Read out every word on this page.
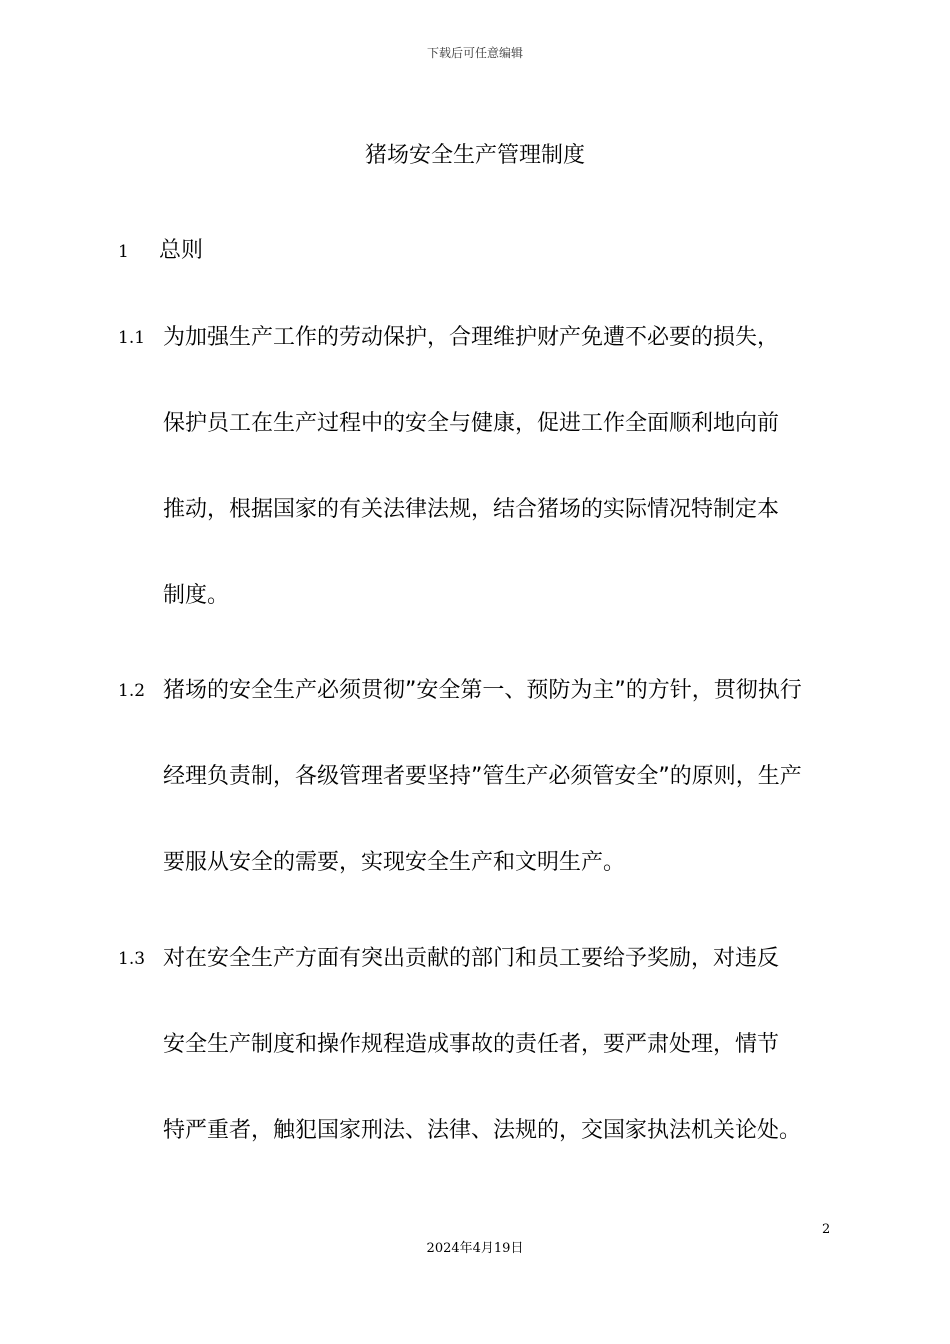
下载后可任意编辑
猪场安全生产管理制度
1 总则
1.1 为加强生产工作的劳动保护，合理维护财产免遭不必要的损失，
保护员工在生产过程中的安全与健康，促进工作全面顺利地向前
推动，根据国家的有关法律法规，结合猪场的实际情况特制定本
制度。
1.2 猪场的安全生产必须贯彻”安全第一、预防为主”的方针，贯彻执行
经理负责制，各级管理者要坚持”管生产必须管安全”的原则，生产
要服从安全的需要，实现安全生产和文明生产。
1.3 对在安全生产方面有突出贡献的部门和员工要给予奖励，对违反
安全生产制度和操作规程造成事故的责任者，要严肃处理，情节
特严重者，触犯国家刑法、法律、法规的，交国家执法机关论处。
2
2024年4月19日
